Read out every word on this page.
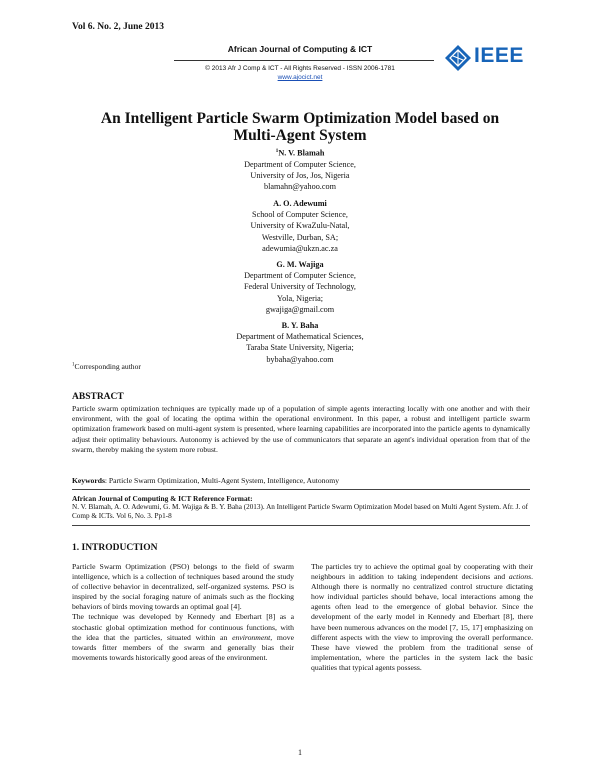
Vol 6. No. 2, June 2013
African Journal of Computing & ICT
© 2013 Afr J Comp & ICT - All Rights Reserved - ISSN 2006-1781
www.ajocict.net
IEEE
An Intelligent Particle Swarm Optimization Model based on
Multi-Agent System
$^1$N. V. Blamah
Department of Computer Science,
University of Jos, Jos, Nigeria
blamahn@yahoo.com
A. O. Adewumi
School of Computer Science,
University of KwaZulu-Natal,
Westville, Durban, SA;
adewumia@ukzn.ac.za
G. M. Wajiga
Department of Computer Science,
Federal University of Technology,
Yola, Nigeria;
gwajiga@gmail.com
B. Y. Baha
Department of Mathematical Sciences,
Taraba State University, Nigeria;
bybaha@yahoo.com
$^1$Corresponding author
ABSTRACT
Particle swarm optimization techniques are typically made up of a population of simple agents interacting locally with one another and with their environment, with the goal of locating the optima within the operational environment. In this paper, a robust and intelligent particle swarm optimization framework based on multi-agent system is presented, where learning capabilities are incorporated into the particle agents to dynamically adjust their optimality behaviours. Autonomy is achieved by the use of communicators that separate an agent's individual operation from that of the swarm, thereby making the system more robust.
Keywords: Particle Swarm Optimization, Multi-Agent System, Intelligence, Autonomy
African Journal of Computing & ICT Reference Format:
N. V. Blamah, A. O. Adewumi, G. M. Wajiga & B. Y. Baha (2013). An Intelligent Particle Swarm Optimization Model based on Multi Agent System. Afr. J. of Comp & ICTs. Vol 6, No. 3. Pp1-8
1. INTRODUCTION

Particle Swarm Optimization (PSO) belongs to the field of swarm intelligence, which is a collection of techniques based around the study of collective behavior in decentralized, self-organized systems. PSO is inspired by the social foraging nature of animals such as the flocking behaviors of birds moving towards an optimal goal [4].

The technique was developed by Kennedy and Eberhart [8] as a stochastic global optimization method for continuous functions, with the idea that the particles, situated within an environment, move towards fitter members of the swarm and generally bias their movements towards historically good areas of the environment.

The particles try to achieve the optimal goal by cooperating with their neighbours in addition to taking independent decisions and actions. Although there is normally no centralized control structure dictating how individual particles should behave, local interactions among the agents often lead to the emergence of global behavior. Since the development of the early model in Kennedy and Eberhart [8], there have been numerous advances on the model [7, 15, 17] emphasizing on different aspects with the view to improving the overall performance. These have viewed the problem from the traditional sense of implementation, where the particles in the system lack the basic qualities that typical agents possess.

1
